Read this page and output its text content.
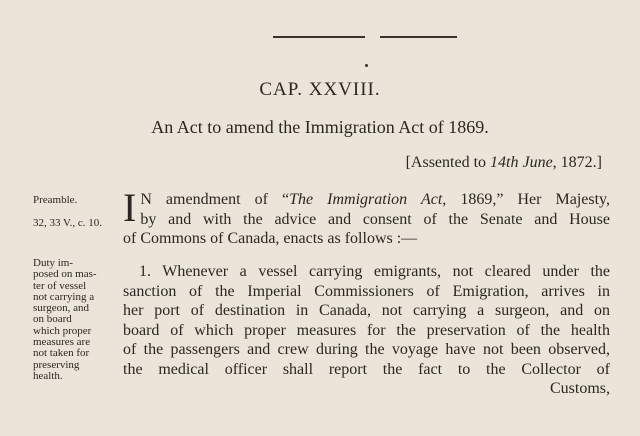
CAP. XXVIII.
An Act to amend the Immigration Act of 1869.
[Assented to 14th June, 1872.]
Preamble.
32, 33 V., c. 10.
Duty im-
posed on mas-
ter of vessel
not carrying a
surgeon, and
on board
which proper
measures are
not taken for
preserving
health.
I N amendment of “The Immigration Act, 1869,” Her Majesty,
by and with the advice and consent of the Senate and House
of Commons of Canada, enacts as follows :—
1. Whenever a vessel carrying emigrants, not cleared under the
sanction of the Imperial Commissioners of Emigration, arrives in
her port of destination in Canada, not carrying a surgeon, and on
board of which proper measures for the preservation of the health
of the passengers and crew during the voyage have not been observed,
the medical officer shall report the fact to the Collector of
Customs,
